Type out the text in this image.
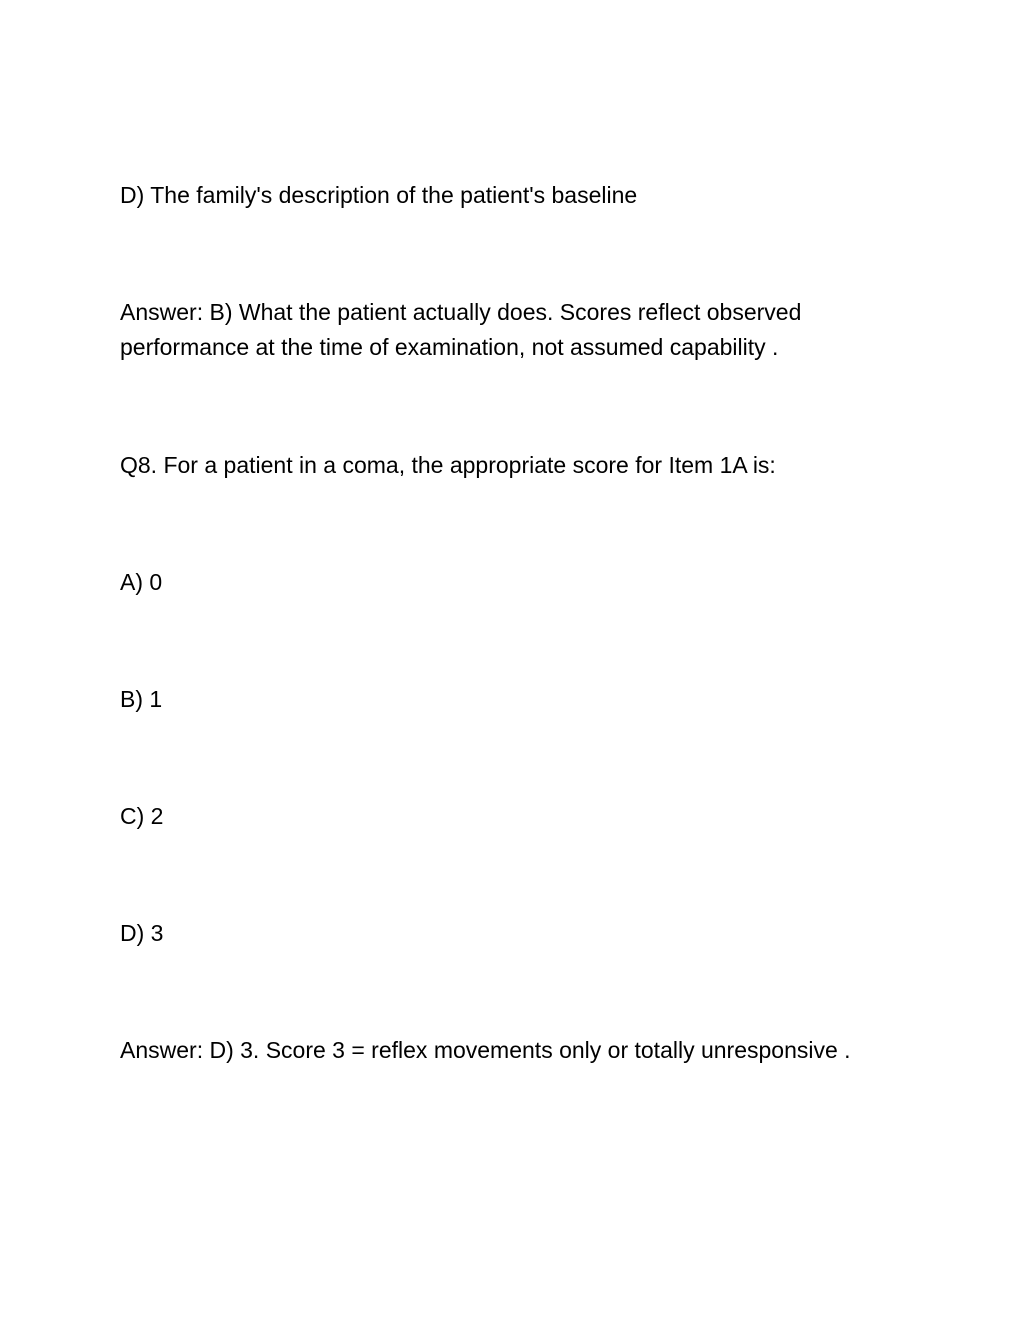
D) The family's description of the patient's baseline

Answer: B) What the patient actually does. Scores reflect observed performance at the time of examination, not assumed capability .

Q8. For a patient in a coma, the appropriate score for Item 1A is:

A) 0

B) 1

C) 2

D) 3

Answer: D) 3. Score 3 = reflex movements only or totally unresponsive .
